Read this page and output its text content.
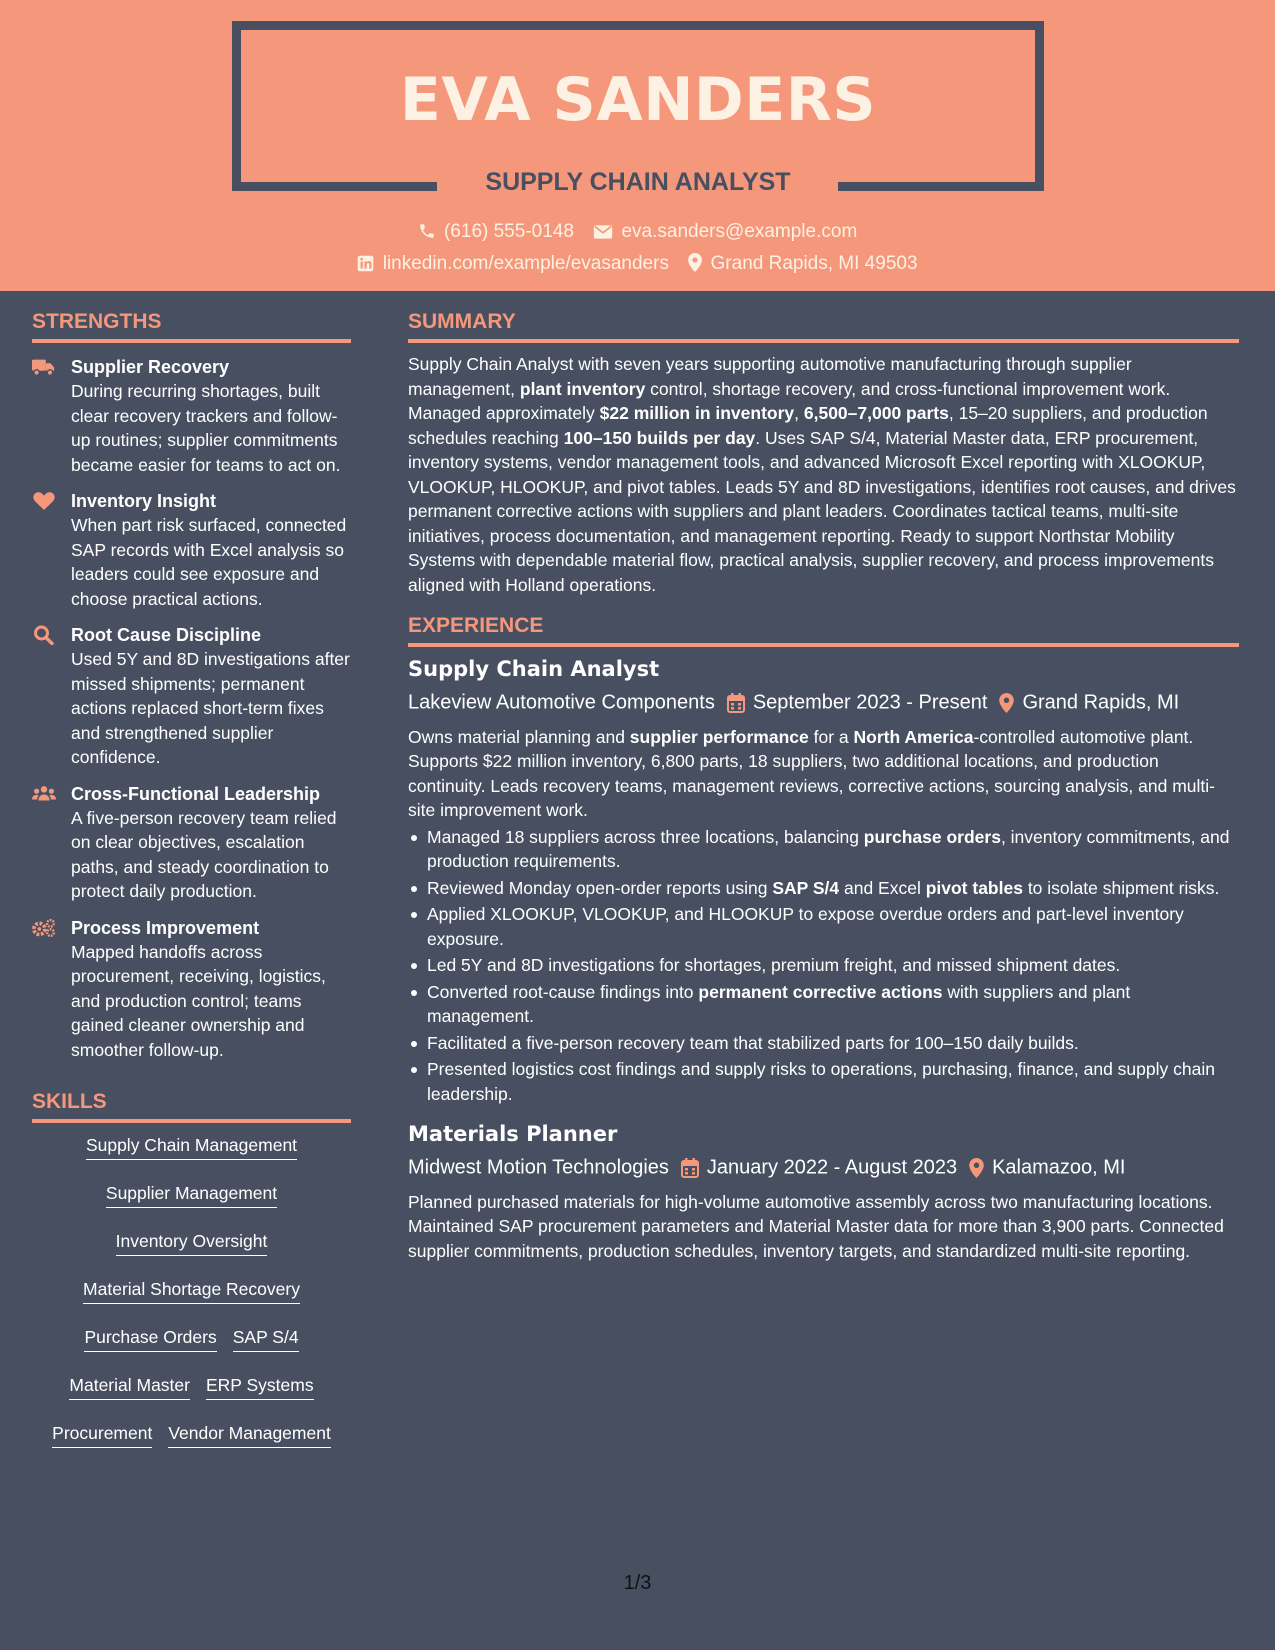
EVA SANDERS
SUPPLY CHAIN ANALYST
(616) 555-0148	eva.sanders@example.com
linkedin.com/example/evasanders Grand Rapids, MI 49503
STRENGTHS
Supplier Recovery
During recurring shortages, built clear recovery trackers and follow-up routines; supplier commitments became easier for teams to act on.
Inventory Insight
When part risk surfaced, connected SAP records with Excel analysis so leaders could see exposure and choose practical actions.
Root Cause Discipline
Used 5Y and 8D investigations after missed shipments; permanent actions replaced short-term fixes and strengthened supplier confidence.
Cross-Functional Leadership
A five-person recovery team relied on clear objectives, escalation paths, and steady coordination to protect daily production.
Process Improvement
Mapped handoffs across procurement, receiving, logistics, and production control; teams gained cleaner ownership and smoother follow-up.
SKILLS
Supply Chain Management
Supplier Management
Inventory Oversight
Material Shortage Recovery
Purchase Orders SAP S/4
Material Master ERP Systems
Procurement Vendor Management
SUMMARY

Supply Chain Analyst with seven years supporting automotive manufacturing through supplier management, plant inventory control, shortage recovery, and cross-functional improvement work. Managed approximately $22 million in inventory, 6,500–7,000 parts, 15–20 suppliers, and production schedules reaching 100–150 builds per day. Uses SAP S/4, Material Master data, ERP procurement, inventory systems, vendor management tools, and advanced Microsoft Excel reporting with XLOOKUP, VLOOKUP, HLOOKUP, and pivot tables. Leads 5Y and 8D investigations, identifies root causes, and drives permanent corrective actions with suppliers and plant leaders. Coordinates tactical teams, multi-site initiatives, process documentation, and management reporting. Ready to support Northstar Mobility Systems with dependable material flow, practical analysis, supplier recovery, and process improvements aligned with Holland operations.

EXPERIENCE
Supply Chain Analyst
Lakeview Automotive Components September 2023 - Present Grand Rapids, MI

Owns material planning and supplier performance for a North America-controlled automotive plant. Supports $22 million inventory, 6,800 parts, 18 suppliers, two additional locations, and production continuity. Leads recovery teams, management reviews, corrective actions, sourcing analysis, and multi-site improvement work.

Managed 18 suppliers across three locations, balancing purchase orders, inventory commitments, and production requirements.
Reviewed Monday open-order reports using SAP S/4 and Excel pivot tables to isolate shipment risks.
Applied XLOOKUP, VLOOKUP, and HLOOKUP to expose overdue orders and part-level inventory exposure.
Led 5Y and 8D investigations for shortages, premium freight, and missed shipment dates.
Converted root-cause findings into permanent corrective actions with suppliers and plant management.
Facilitated a five-person recovery team that stabilized parts for 100–150 daily builds.
Presented logistics cost findings and supply risks to operations, purchasing, finance, and supply chain leadership.
Materials Planner
Midwest Motion Technologies January 2022 - August 2023 Kalamazoo, MI

Planned purchased materials for high-volume automotive assembly across two manufacturing locations. Maintained SAP procurement parameters and Material Master data for more than 3,900 parts. Connected supplier commitments, production schedules, inventory targets, and standardized multi-site reporting.

1/3
